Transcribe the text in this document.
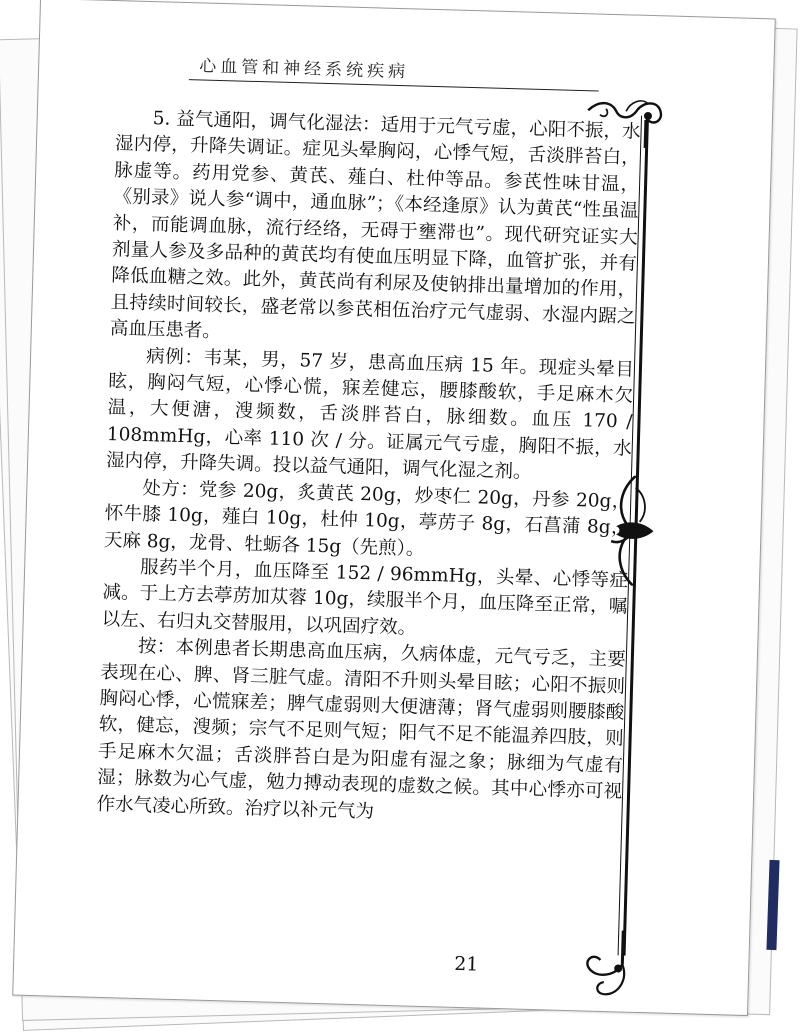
心血管和神经系统疾病

5. 益气通阳，调气化湿法：适用于元气亏虚，心阳不振，水湿内停，升降失调证。症见头晕胸闷，心悸气短，舌淡胖苔白，脉虚等。药用党参、黄芪、薤白、杜仲等品。参芪性味甘温，《别录》说人参“调中，通血脉”；《本经逢原》认为黄芪“性虽温补，而能调血脉，流行经络，无碍于壅滞也”。现代研究证实大剂量人参及多品种的黄芪均有使血压明显下降，血管扩张，并有降低血糖之效。此外，黄芪尚有利尿及使钠排出量增加的作用，且持续时间较长，盛老常以参芪相伍治疗元气虚弱、水湿内踞之高血压患者。

病例：韦某，男，57 岁，患高血压病 15 年。现症头晕目眩，胸闷气短，心悸心慌，寐差健忘，腰膝酸软，手足麻木欠温，大便溏，溲频数，舌淡胖苔白，脉细数。血压 170 / 108mmHg，心率 110 次 / 分。证属元气亏虚，胸阳不振，水湿内停，升降失调。投以益气通阳，调气化湿之剂。

处方：党参 20g，炙黄芪 20g，炒枣仁 20g，丹参 20g，怀牛膝 10g，薤白 10g，杜仲 10g，葶苈子 8g，石菖蒲 8g，天麻 8g，龙骨、牡蛎各 15g（先煎）。

服药半个月，血压降至 152 / 96mmHg，头晕、心悸等症减。于上方去葶苈加苁蓉 10g，续服半个月，血压降至正常，嘱以左、右归丸交替服用，以巩固疗效。

按：本例患者长期患高血压病，久病体虚，元气亏乏，主要表现在心、脾、肾三脏气虚。清阳不升则头晕目眩；心阳不振则胸闷心悸，心慌寐差；脾气虚弱则大便溏薄；肾气虚弱则腰膝酸软，健忘，溲频；宗气不足则气短；阳气不足不能温养四肢，则手足麻木欠温；舌淡胖苔白是为阳虚有湿之象；脉细为气虚有湿；脉数为心气虚，勉力搏动表现的虚数之候。其中心悸亦可视作水气凌心所致。治疗以补元气为

21
